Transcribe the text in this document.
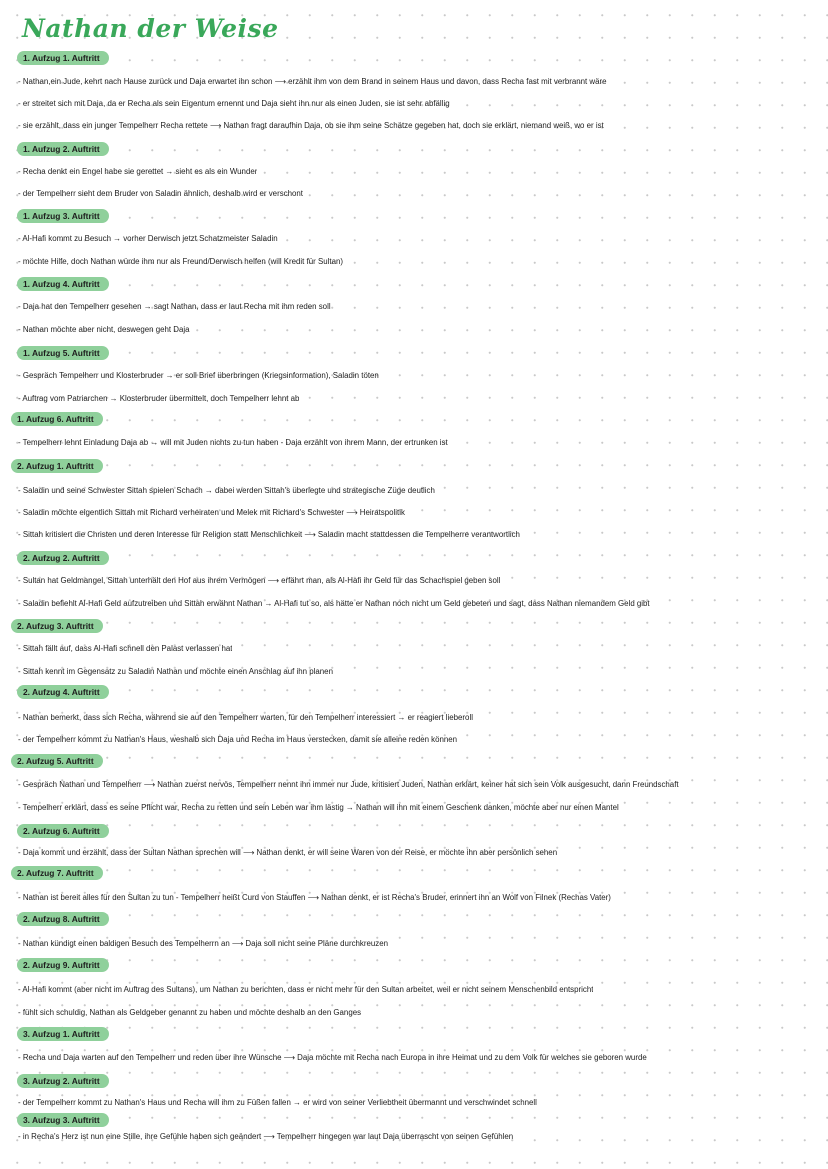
Nathan der Weise
1. Aufzug 1. Auftritt
- Nathan,ein Jude, kehrt nach Hause zurück und Daja erwartet ihn schon ⟶ erzählt ihm von dem Brand in seinem Haus und davon, dass Recha fast mit verbrannt wäre
- er streitet sich mit Daja, da er Recha als sein Eigentum ernennt und Daja sieht ihn nur als einen Juden, sie ist sehr abfällig
- sie erzählt, dass ein junger Tempelherr Recha rettete ⟶ Nathan fragt daraufhin Daja, ob sie ihm seine Schätze gegeben hat, doch sie erklärt, niemand weiß, wo er ist
1. Aufzug 2. Auftritt
- Recha denkt ein Engel habe sie gerettet → sieht es als ein Wunder
- der Tempelherr sieht dem Bruder von Saladin ähnlich, deshalb wird er verschont
1. Aufzug 3. Auftritt
- Al-Hafi kommt zu Besuch → vorher Derwisch jetzt Schatzmeister Saladin
- möchte Hilfe, doch Nathan würde ihm nur als Freund/Derwisch helfen (will Kredit für Sultan)
1. Aufzug 4. Auftritt
- Daja hat den Tempelherr gesehen → sagt Nathan, dass er laut Recha mit ihm reden soll
- Nathan möchte aber nicht, deswegen geht Daja
1. Aufzug 5. Auftritt
- Gespräch Tempelherr und Klosterbruder → er soll Brief überbringen (Kriegsinformation), Saladin töten
- Auftrag vom Patriarchen → Klosterbruder übermittelt, doch Tempelherr lehnt ab
1. Aufzug 6. Auftritt
- Tempelherr lehnt Einladung Daja ab → will mit Juden nichts zu tun haben - Daja erzählt von ihrem Mann, der ertrunken ist
2. Aufzug 1. Auftritt
- Saladin und seine Schwester Sittah spielen Schach → dabei werden Sittah's überlegte und strategische Züge deutlich
- Saladin möchte eigentlich Sittah mit Richard verheiraten und Melek mit Richard's Schwester ⟶ Heiratspolitik
- Sittah kritisiert die Christen und deren Interesse für Religion statt Menschlichkeit ⟶ Saladin macht stattdessen die Tempelherre verantwortlich
2. Aufzug 2. Auftritt
- Sultan hat Geldmangel, Sittah unterhält den Hof aus ihrem Vermögen ⟶ erfährt man, als Al-Hafi ihr Geld für das Schachspiel geben soll
- Saladin befiehlt Al-Hafi Geld aufzutreiben und Sittah erwähnt Nathan → Al-Hafi tut so, als hätte er Nathan noch nicht um Geld gebeten und sagt, dass Nathan niemandem Geld gibt
2. Aufzug 3. Auftritt
- Sittah fällt auf, dass Al-Hafi schnell den Palast verlassen hat
- Sittah kennt im Gegensatz zu Saladin Nathan und möchte einen Anschlag auf ihn planen
2. Aufzug 4. Auftritt
- Nathan bemerkt, dass sich Recha, während sie auf den Tempelherr warten, für den Tempelherr interessiert → er reagiert lieberoll
- der Tempelherr kommt zu Nathan's Haus, weshalb sich Daja und Recha im Haus verstecken, damit sie alleine reden können
2. Aufzug 5. Auftritt
- Gespräch Nathan und Tempelherr ⟶ Nathan zuerst nervös, Tempelherr nennt ihn immer nur Jude, kritisiert Juden, Nathan erklärt, keiner hat sich sein Volk ausgesucht, dann Freundschaft
- Tempelherr erklärt, dass es seine Pflicht war, Recha zu retten und sein Leben war ihm lästig → Nathan will ihn mit einem Geschenk danken, möchte aber nur einen Mantel
2. Aufzug 6. Auftritt
- Daja kommt und erzählt, dass der Sultan Nathan sprechen will ⟶ Nathan denkt, er will seine Waren von der Reise, er möchte ihn aber persönlich sehen
2. Aufzug 7. Auftritt
- Nathan ist bereit alles für den Sultan zu tun - Tempelherr heißt Curd von Stauffen ⟶ Nathan denkt, er ist Recha's Bruder, erinnert ihn an Wolf von Filnek (Rechas Vater)
2. Aufzug 8. Auftritt
- Nathan kündigt einen baldigen Besuch des Tempelherrn an ⟶ Daja soll nicht seine Pläne durchkreuzen
2. Aufzug 9. Auftritt
- Al-Hafi kommt (aber nicht im Auftrag des Sultans), um Nathan zu berichten, dass er nicht mehr für den Sultan arbeitet, weil er nicht seinem Menschenbild entspricht
- fühlt sich schuldig, Nathan als Geldgeber genannt zu haben und möchte deshalb an den Ganges
3. Aufzug 1. Auftritt
- Recha und Daja warten auf den Tempelherr und reden über ihre Wünsche ⟶ Daja möchte mit Recha nach Europa in ihre Heimat und zu dem Volk für welches sie geboren wurde
3. Aufzug 2. Auftritt
- der Tempelherr kommt zu Nathan's Haus und Recha will ihm zu Füßen fallen → er wird von seiner Verliebtheit übermannt und verschwindet schnell
3. Aufzug 3. Auftritt
- in Recha's Herz ist nun eine Stille, ihre Gefühle haben sich geändert ⟶ Tempelherr hingegen war laut Daja überrascht von seinen Gefühlen
